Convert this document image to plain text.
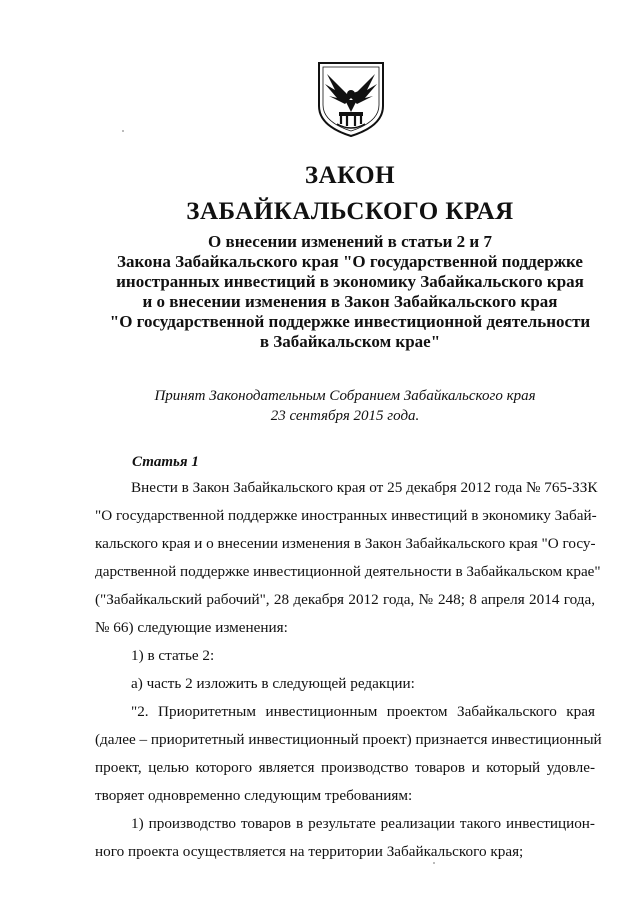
ЗАКОН
ЗАБАЙКАЛЬСКОГО КРАЯ
О внесении изменений в статьи 2 и 7
Закона Забайкальского края "О государственной поддержке
иностранных инвестиций в экономику Забайкальского края
и о внесении изменения в Закон Забайкальского края
"О государственной поддержке инвестиционной деятельности
в Забайкальском крае"
Принят Законодательным Собранием Забайкальского края
23 сентября 2015 года.
Статья 1
Внести в Закон Забайкальского края от 25 декабря 2012 года № 765-ЗЗК
"О государственной поддержке иностранных инвестиций в экономику Забай-
кальского края и о внесении изменения в Закон Забайкальского края "О госу-
дарственной поддержке инвестиционной деятельности в Забайкальском крае"
("Забайкальский рабочий", 28 декабря 2012 года, № 248; 8 апреля 2014 года,
№ 66) следующие изменения:
1) в статье 2:
а) часть 2 изложить в следующей редакции:
"2. Приоритетным инвестиционным проектом Забайкальского края
(далее – приоритетный инвестиционный проект) признается инвестиционный
проект, целью которого является производство товаров и который удовле-
творяет одновременно следующим требованиям:
1) производство товаров в результате реализации такого инвестицион-
ного проекта осуществляется на территории Забайкальского края;
